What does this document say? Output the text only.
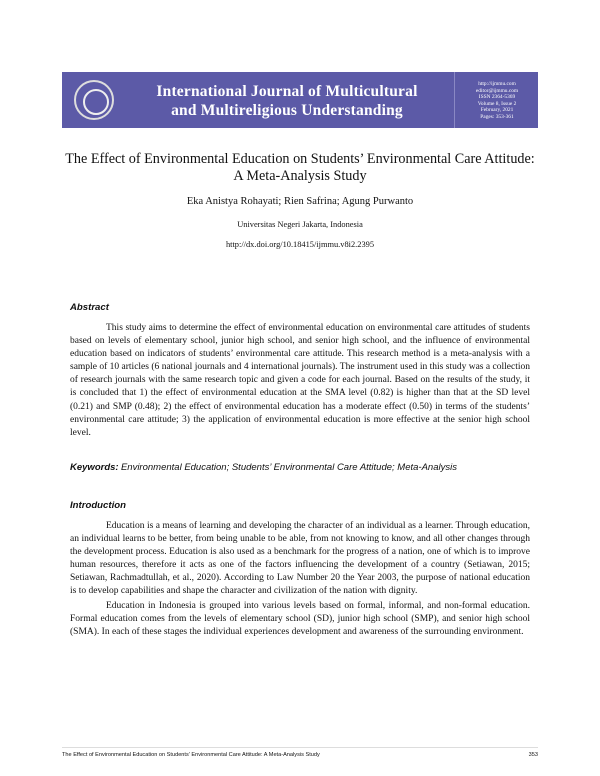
International Journal of Multicultural
and Multireligious Understanding
http://ijmmu.com
editor@ijmmu.com
ISSN 2364-5369
Volume 8, Issue 2
February, 2021
Pages: 353-361
The Effect of Environmental Education on Students’ Environmental Care Attitude:
A Meta-Analysis Study
Eka Anistya Rohayati; Rien Safrina; Agung Purwanto
Universitas Negeri Jakarta, Indonesia
http://dx.doi.org/10.18415/ijmmu.v8i2.2395
Abstract
This study aims to determine the effect of environmental education on environmental care attitudes of students based on levels of elementary school, junior high school, and senior high school, and the influence of environmental education based on indicators of students’ environmental care attitude. This research method is a meta-analysis with a sample of 10 articles (6 national journals and 4 international journals). The instrument used in this study was a collection of research journals with the same research topic and given a code for each journal. Based on the results of the study, it is concluded that 1) the effect of environmental education at the SMA level (0.82) is higher than that at the SD level (0.21) and SMP (0.48); 2) the effect of environmental education has a moderate effect (0.50) in terms of the students’ environmental care attitude; 3) the application of environmental education is more effective at the senior high school level.
Keywords: Environmental Education; Students’ Environmental Care Attitude; Meta-Analysis
Introduction
Education is a means of learning and developing the character of an individual as a learner. Through education, an individual learns to be better, from being unable to be able, from not knowing to know, and all other changes through the development process. Education is also used as a benchmark for the progress of a nation, one of which is to improve human resources, therefore it acts as one of the factors influencing the development of a country (Setiawan, 2015; Setiawan, Rachmadtullah, et al., 2020). According to Law Number 20 the Year 2003, the purpose of national education is to develop capabilities and shape the character and civilization of the nation with dignity.
Education in Indonesia is grouped into various levels based on formal, informal, and non-formal education. Formal education comes from the levels of elementary school (SD), junior high school (SMP), and senior high school (SMA). In each of these stages the individual experiences development and awareness of the surrounding environment.
The Effect of Environmental Education on Students’ Environmental Care Attitude: A Meta-Analysis Study	353
